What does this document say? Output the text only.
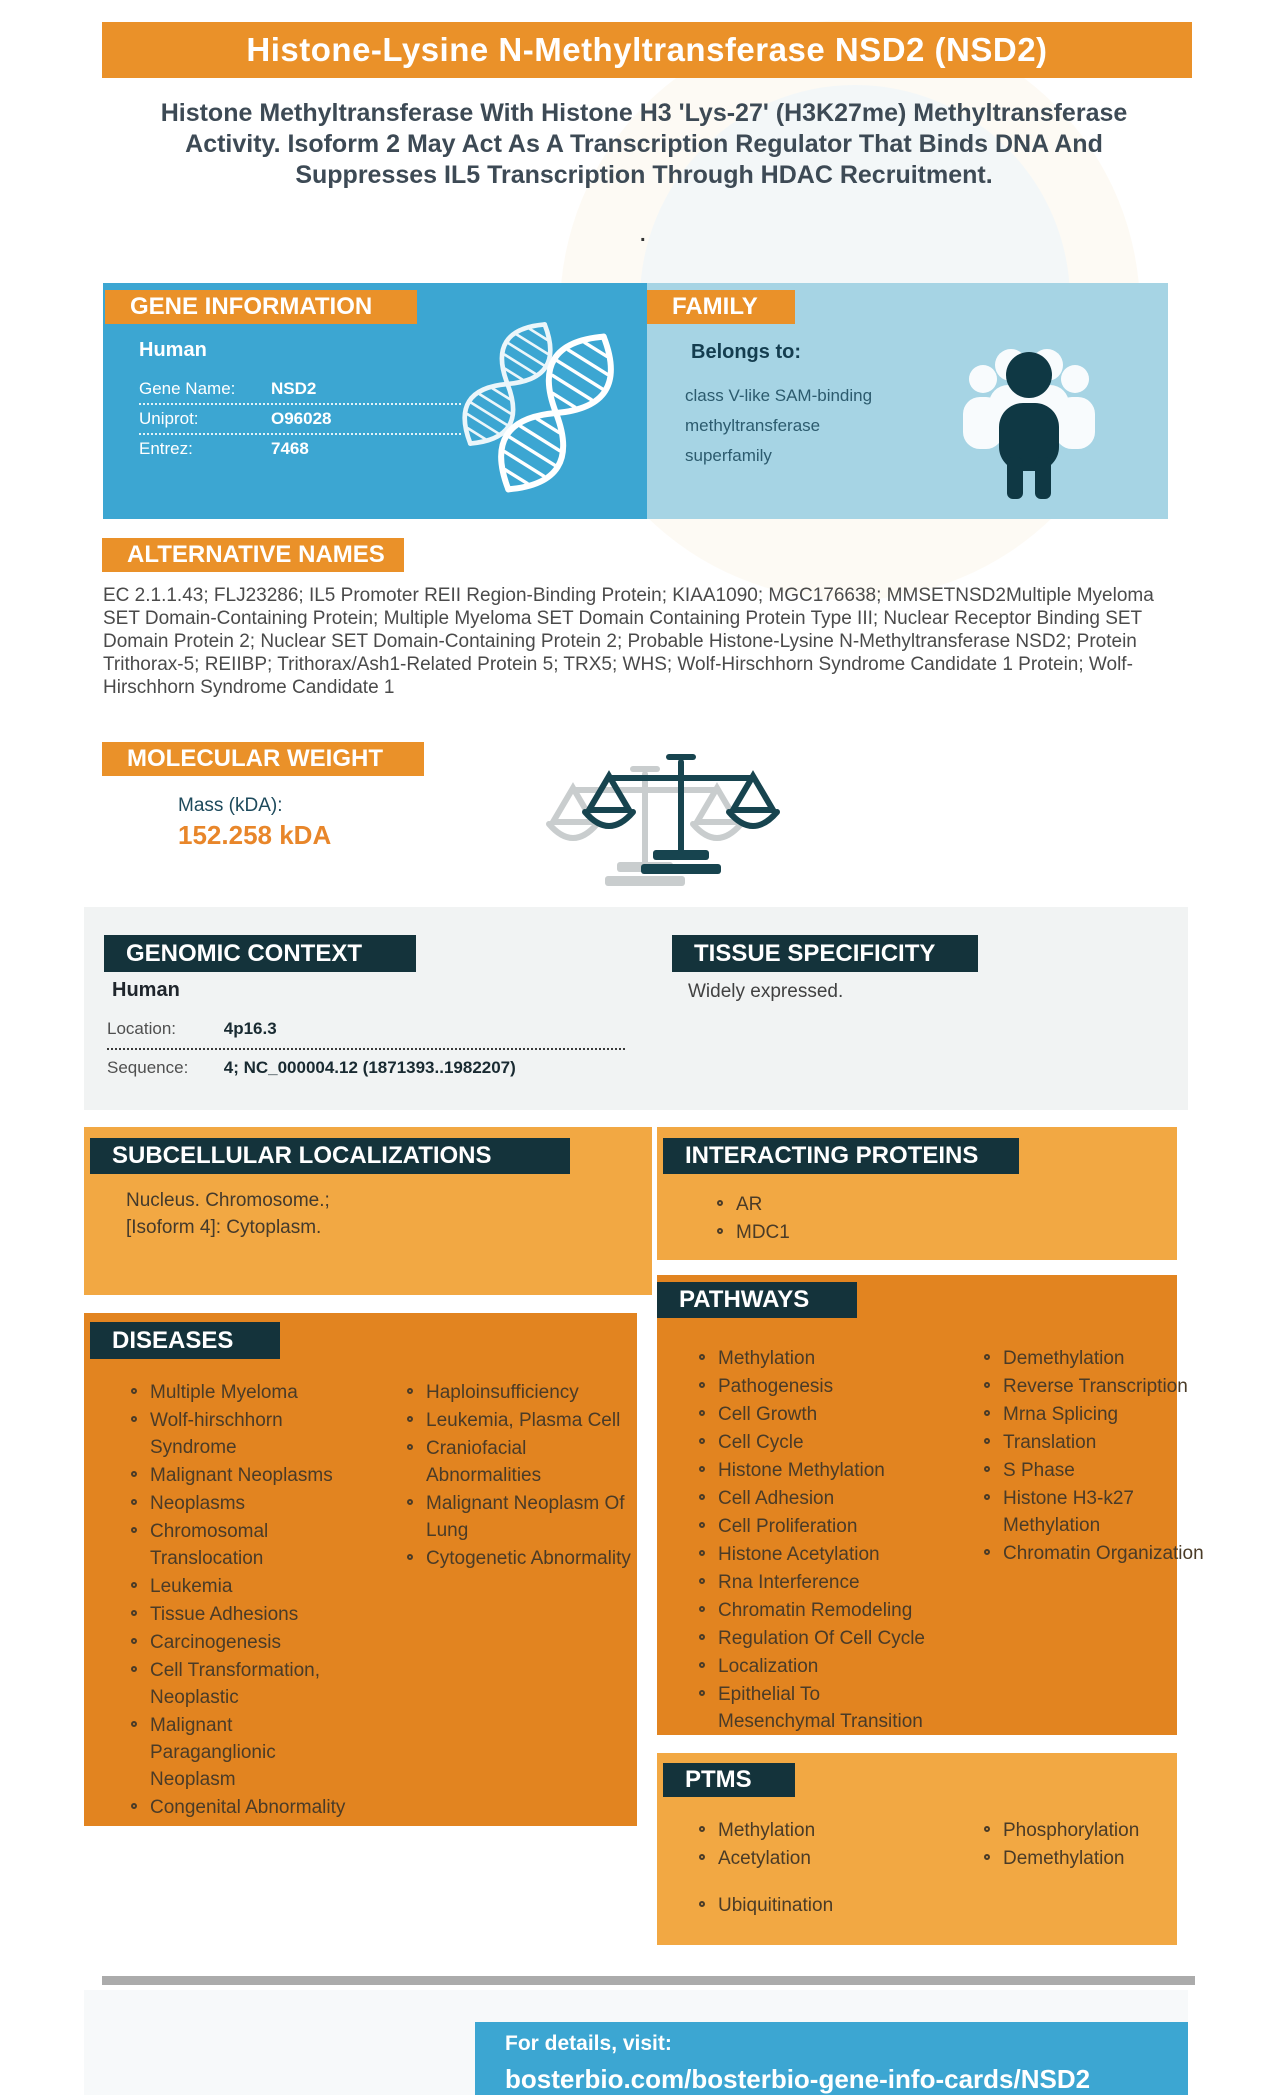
Histone-Lysine N-Methyltransferase NSD2 (NSD2)
Histone Methyltransferase With Histone H3 'Lys-27' (H3K27me) Methyltransferase
Activity. Isoform 2 May Act As A Transcription Regulator That Binds DNA And
Suppresses IL5 Transcription Through HDAC Recruitment.
.
GENE INFORMATION
Human
Gene Name:	NSD2
Uniprot:	O96028
Entrez:	7468
FAMILY
Belongs to:
class V-like SAM-binding
methyltransferase
superfamily
ALTERNATIVE NAMES
EC 2.1.1.43; FLJ23286; IL5 Promoter REII Region-Binding Protein; KIAA1090; MGC176638; MMSETNSD2Multiple Myeloma SET Domain-Containing Protein; Multiple Myeloma SET Domain Containing Protein Type III; Nuclear Receptor Binding SET Domain Protein 2; Nuclear SET Domain-Containing Protein 2; Probable Histone-Lysine N-Methyltransferase NSD2; Protein Trithorax-5; REIIBP; Trithorax/Ash1-Related Protein 5; TRX5; WHS; Wolf-Hirschhorn Syndrome Candidate 1 Protein; Wolf-Hirschhorn Syndrome Candidate 1
MOLECULAR WEIGHT
Mass (kDA):
152.258 kDA
GENOMIC CONTEXT
Human
Location:	4p16.3
Sequence: 4; NC_000004.12 (1871393..1982207)
TISSUE SPECIFICITY
Widely expressed.
SUBCELLULAR LOCALIZATIONS
Nucleus. Chromosome.;
[Isoform 4]: Cytoplasm.
INTERACTING PROTEINS
AR
MDC1
DISEASES
Multiple Myeloma
Wolf-hirschhorn Syndrome
Malignant Neoplasms
Neoplasms
Chromosomal Translocation
Leukemia
Tissue Adhesions
Carcinogenesis
Cell Transformation, Neoplastic
Malignant Paraganglionic Neoplasm
Congenital Abnormality
Haploinsufficiency
Leukemia, Plasma Cell
Craniofacial Abnormalities
Malignant Neoplasm Of Lung
Cytogenetic Abnormality
PATHWAYS
Methylation
Pathogenesis
Cell Growth
Cell Cycle
Histone Methylation
Cell Adhesion
Cell Proliferation
Histone Acetylation
Rna Interference
Chromatin Remodeling
Regulation Of Cell Cycle
Localization
Epithelial To Mesenchymal Transition
Demethylation
Reverse Transcription
Mrna Splicing
Translation
S Phase
Histone H3-k27 Methylation
Chromatin Organization
PTMS
Methylation
Acetylation
Ubiquitination
Phosphorylation
Demethylation
For details, visit:
bosterbio.com/bosterbio-gene-info-cards/NSD2
